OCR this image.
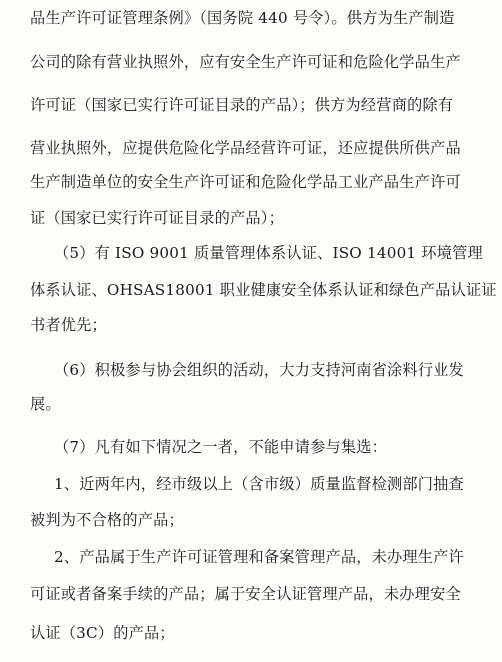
品生产许可证管理条例》（国务院 440 号令）。供方为生产制造
公司的除有营业执照外，应有安全生产许可证和危险化学品生产
许可证（国家已实行许可证目录的产品）；供方为经营商的除有
营业执照外，应提供危险化学品经营许可证，还应提供所供产品
生产制造单位的安全生产许可证和危险化学品工业产品生产许可
证（国家已实行许可证目录的产品）；
（5）有 ISO 9001 质量管理体系认证、ISO 14001 环境管理
体系认证、OHSAS18001 职业健康安全体系认证和绿色产品认证证
书者优先；
（6）积极参与协会组织的活动，大力支持河南省涂料行业发
展。
（7）凡有如下情况之一者，不能申请参与集选：
1、近两年内，经市级以上（含市级）质量监督检测部门抽查
被判为不合格的产品；
2、产品属于生产许可证管理和备案管理产品，未办理生产许
可证或者备案手续的产品；属于安全认证管理产品，未办理安全
认证（3C）的产品；
